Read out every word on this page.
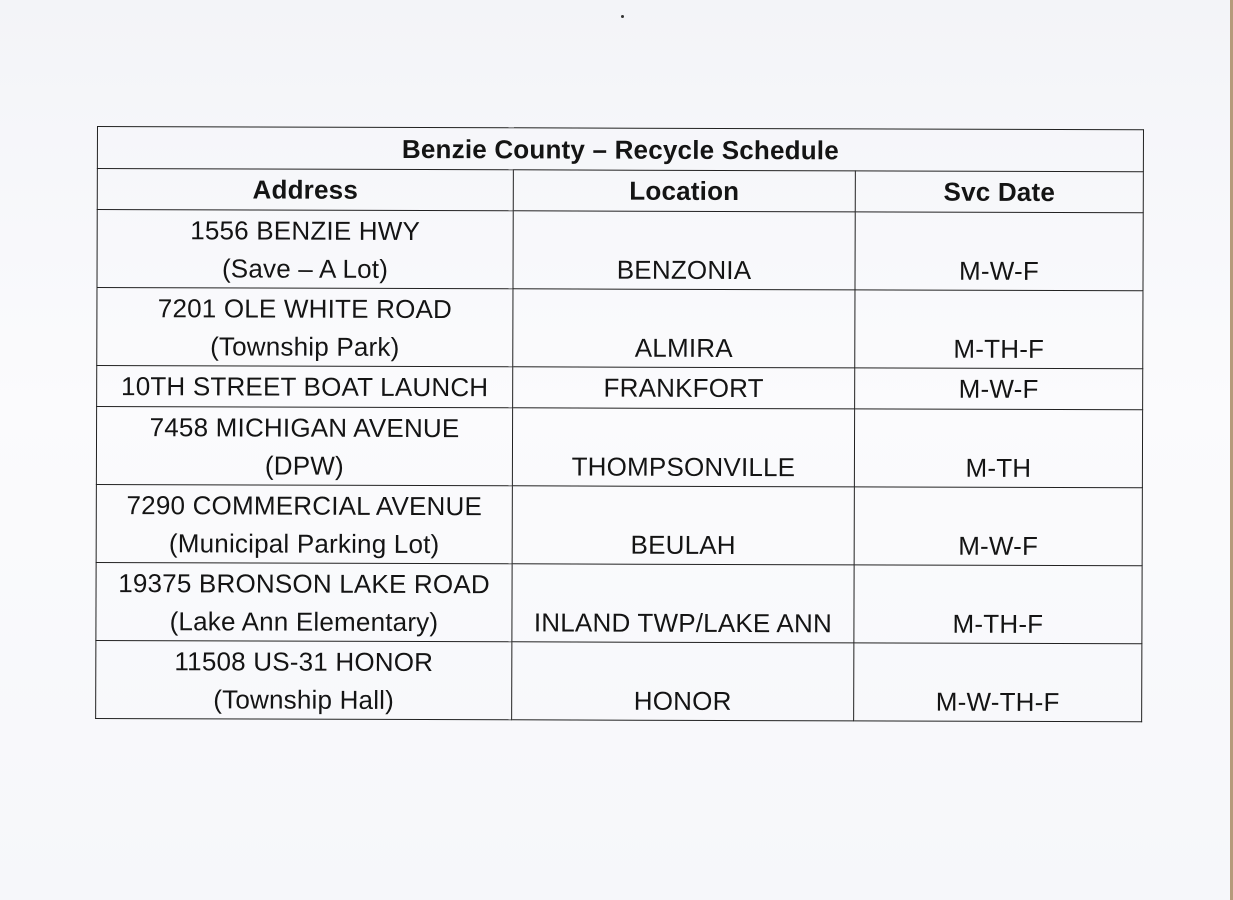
Benzie County – Recycle Schedule		
Address	Location	Svc Date

1556 BENZIE HWY
(Save – A Lot)	BENZONIA	M-W-F

7201 OLE WHITE ROAD
(Township Park)	ALMIRA	M-TH-F

10TH STREET BOAT LAUNCH	FRANKFORT	M-W-F

7458 MICHIGAN AVENUE
(DPW)	THOMPSONVILLE	M-TH

7290 COMMERCIAL AVENUE
(Municipal Parking Lot)	BEULAH	M-W-F

19375 BRONSON LAKE ROAD
(Lake Ann Elementary)	INLAND TWP/LAKE ANN	M-TH-F

11508 US-31 HONOR
(Township Hall)	HONOR	M-W-TH-F
